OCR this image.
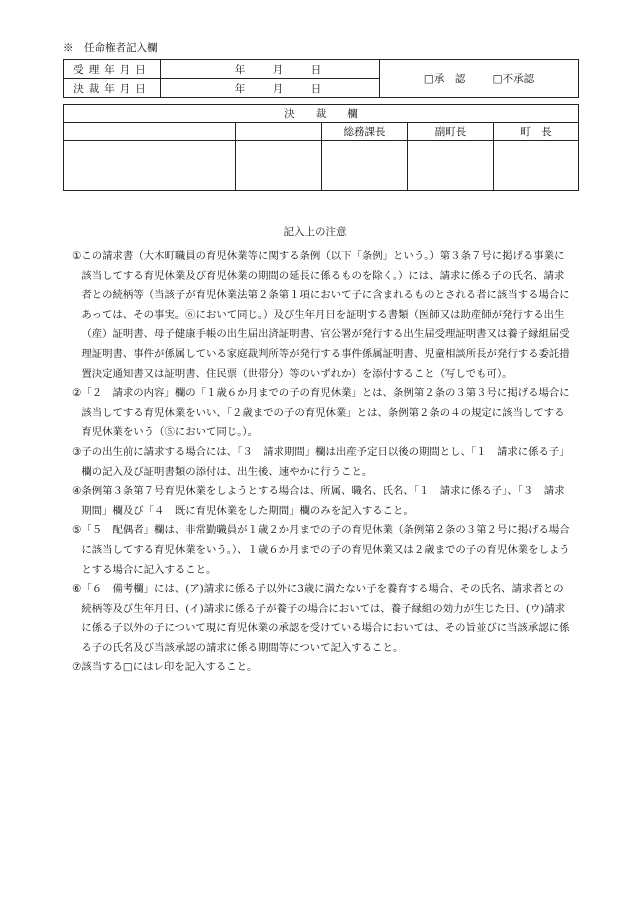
※　任命権者記入欄
受理年月日	年 月 日	□承　認 □不承認
決裁年月日	年 月 日	
決　　裁　　欄				
		総務課長	副町長	町　長

記入上の注意
① この請求書（大木町職員の育児休業等に関する条例（以下「条例」という。）第３条７号に掲げる事業に該当してする育児休業及び育児休業の期間の延長に係るものを除く。）には、請求に係る子の氏名、請求者との続柄等（当該子が育児休業法第２条第１項において子に含まれるものとされる者に該当する場合にあっては、その事実。⑥において同じ。）及び生年月日を証明する書類（医師又は助産師が発行する出生（産）証明書、母子健康手帳の出生届出済証明書、官公署が発行する出生届受理証明書又は養子縁組届受理証明書、事件が係属している家庭裁判所等が発行する事件係属証明書、児童相談所長が発行する委託措置決定通知書又は証明書、住民票（世帯分）等のいずれか）を添付すること（写しでも可）。
② 「２　請求の内容」欄の「１歳６か月までの子の育児休業」とは、条例第２条の３第３号に掲げる場合に該当してする育児休業をいい、「２歳までの子の育児休業」とは、条例第２条の４の規定に該当してする育児休業をいう（⑤において同じ。）。
③ 子の出生前に請求する場合には、「３　請求期間」欄は出産予定日以後の期間とし、「１　請求に係る子」欄の記入及び証明書類の添付は、出生後、速やかに行うこと。
④ 条例第３条第７号育児休業をしようとする場合は、所属、職名、氏名、「１　請求に係る子」、「３　請求期間」欄及び「４　既に育児休業をした期間」欄のみを記入すること。
⑤ 「５　配偶者」欄は、非常勤職員が１歳２か月までの子の育児休業（条例第２条の３第２号に掲げる場合に該当してする育児休業をいう。）、１歳６か月までの子の育児休業又は２歳までの子の育児休業をしようとする場合に記入すること。
⑥ 「６　備考欄」には、(ア)請求に係る子以外に3歳に満たない子を養育する場合、その氏名、請求者との続柄等及び生年月日、(イ)請求に係る子が養子の場合においては、養子縁組の効力が生じた日、(ウ)請求に係る子以外の子について現に育児休業の承認を受けている場合においては、その旨並びに当該承認に係る子の氏名及び当該承認の請求に係る期間等について記入すること。
⑦ 該当する□にはレ印を記入すること。
